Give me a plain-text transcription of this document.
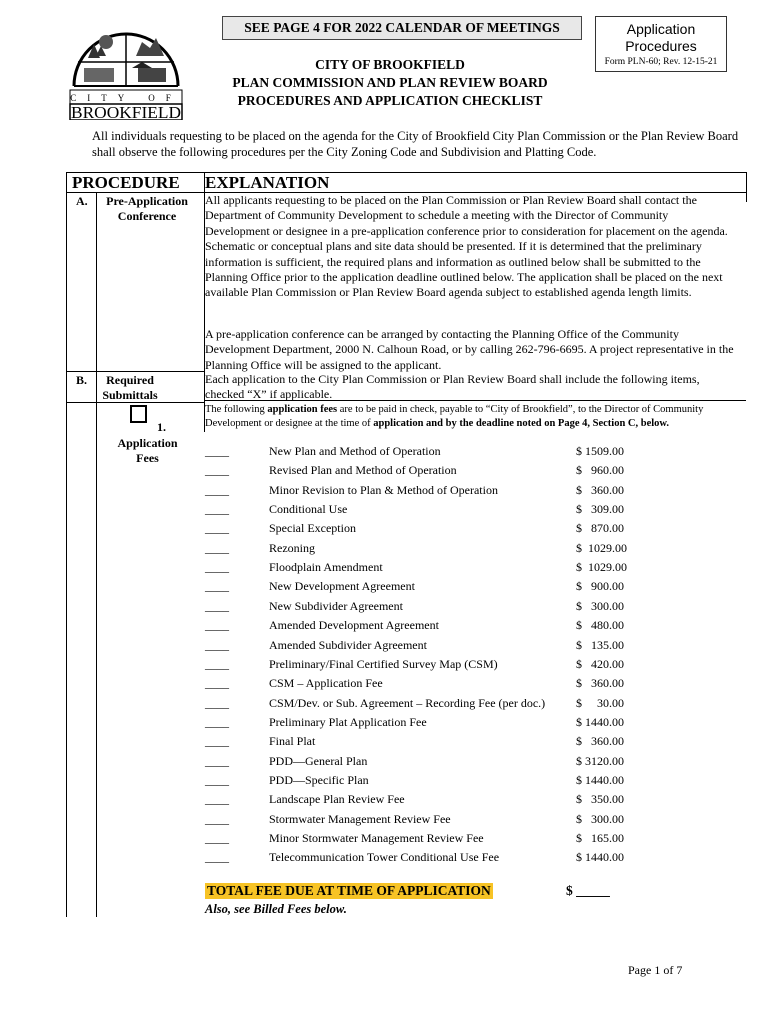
CITY OF
BROOKFIELD
SEE PAGE 4 FOR 2022 CALENDAR OF MEETINGS	Application Procedures
Form PLN-60; Rev. 12-15-21
CITY OF BROOKFIELD
PLAN COMMISSION AND PLAN REVIEW BOARD
PROCEDURES AND APPLICATION CHECKLIST
All individuals requesting to be placed on the agenda for the City of Brookfield City Plan Commission or the Plan Review Board shall observe the following procedures per the City Zoning Code and Subdivision and Platting Code.
PROCEDURE EXPLANATION
A.	Pre-Application Conference
All applicants requesting to be placed on the Plan Commission or Plan Review Board shall contact the Department of Community Development to schedule a meeting with the Director of Community Development or designee in a pre-application conference prior to consideration for placement on the agenda. Schematic or conceptual plans and site data should be presented. If it is determined that the preliminary information is sufficient, the required plans and information as outlined below shall be submitted to the Planning Office prior to the application deadline outlined below. The application shall be placed on the next available Plan Commission or Plan Review Board agenda subject to established agenda length limits.
A pre-application conference can be arranged by contacting the Planning Office of the Community Development Department, 2000 N. Calhoun Road, or by calling 262-796-6695. A project representative in the Planning Office will be assigned to the applicant.
B.	Required Submittals
Each application to the City Plan Commission or Plan Review Board shall include the following items, checked “X” if applicable.
1.
Application Fees
The following application fees are to be paid in check, payable to “City of Brookfield”, to the Director of Community Development or designee at the time of application and by the deadline noted on Page 4, Section C, below.
____	New Plan and Method of Operation	$ 1509.00
____	Revised Plan and Method of Operation	$   960.00
____	Minor Revision to Plan & Method of Operation	$   360.00
____	Conditional Use	$   309.00
____	Special Exception	$   870.00
____	Rezoning	$  1029.00
____	Floodplain Amendment	$  1029.00
____	New Development Agreement	$   900.00
____	New Subdivider Agreement	$   300.00
____	Amended Development Agreement	$   480.00
____	Amended Subdivider Agreement	$   135.00
____	Preliminary/Final Certified Survey Map (CSM)	$   420.00
____	CSM – Application Fee	$   360.00
____	CSM/Dev. or Sub. Agreement – Recording Fee (per doc.)	$     30.00
____	Preliminary Plat Application Fee	$ 1440.00
____	Final Plat	$   360.00
____	PDD—General Plan	$ 3120.00
____	PDD—Specific Plan	$ 1440.00
____	Landscape Plan Review Fee	$   350.00
____	Stormwater Management Review Fee	$   300.00
____	Minor Stormwater Management Review Fee	$   165.00
____	Telecommunication Tower Conditional Use Fee	$ 1440.00
TOTAL FEE DUE AT TIME OF APPLICATION	$ _____
Also, see Billed Fees below.
Page 1 of 7
